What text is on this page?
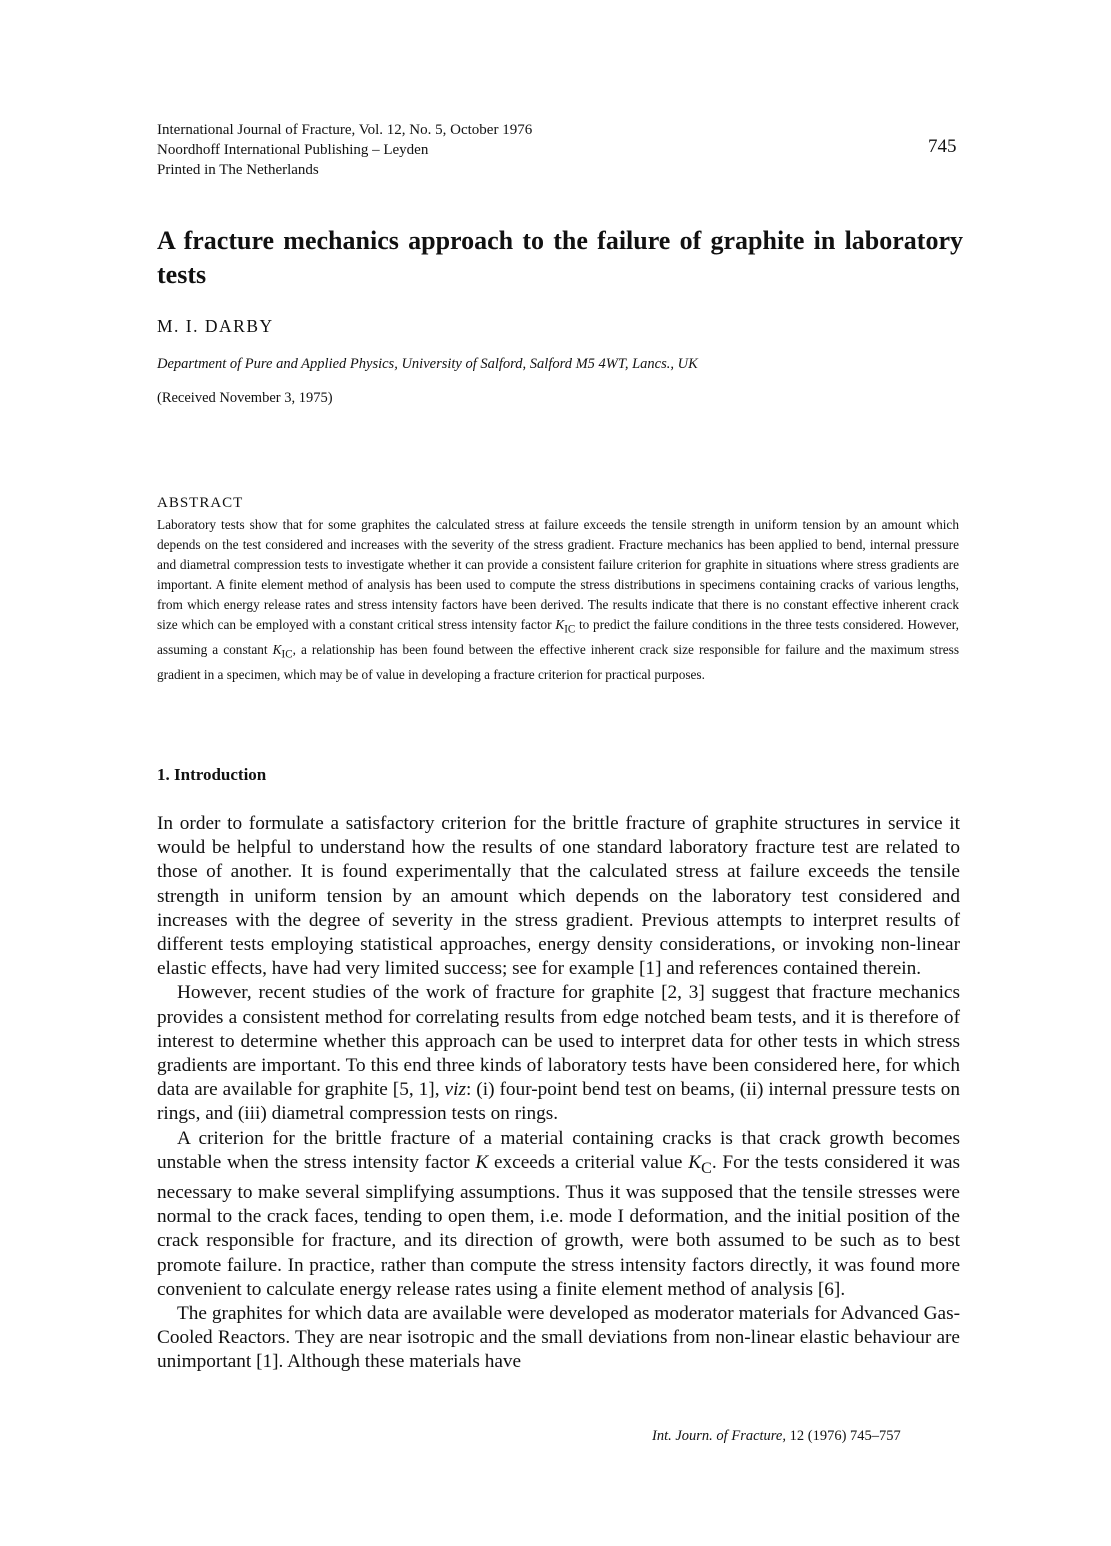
International Journal of Fracture, Vol. 12, No. 5, October 1976
Noordhoff International Publishing – Leyden
Printed in The Netherlands
745
A fracture mechanics approach to the failure of graphite in laboratory tests
M. I. DARBY
Department of Pure and Applied Physics, University of Salford, Salford M5 4WT, Lancs., UK
(Received November 3, 1975)
ABSTRACT

Laboratory tests show that for some graphites the calculated stress at failure exceeds the tensile strength in uniform tension by an amount which depends on the test considered and increases with the severity of the stress gradient. Fracture mechanics has been applied to bend, internal pressure and diametral compression tests to investigate whether it can provide a consistent failure criterion for graphite in situations where stress gradients are important. A finite element method of analysis has been used to compute the stress distributions in specimens containing cracks of various lengths, from which energy release rates and stress intensity factors have been derived. The results indicate that there is no constant effective inherent crack size which can be employed with a constant critical stress intensity factor $K_{IC}$ to predict the failure conditions in the three tests considered. However, assuming a constant $K_{IC}$, a relationship has been found between the effective inherent crack size responsible for failure and the maximum stress gradient in a specimen, which may be of value in developing a fracture criterion for practical purposes.

1. Introduction

In order to formulate a satisfactory criterion for the brittle fracture of graphite structures in service it would be helpful to understand how the results of one standard laboratory fracture test are related to those of another. It is found experimentally that the calculated stress at failure exceeds the tensile strength in uniform tension by an amount which depends on the laboratory test considered and increases with the degree of severity in the stress gradient. Previous attempts to interpret results of different tests employing statistical approaches, energy density considerations, or invoking non-linear elastic effects, have had very limited success; see for example [1] and references contained therein.

However, recent studies of the work of fracture for graphite [2, 3] suggest that fracture mechanics provides a consistent method for correlating results from edge notched beam tests, and it is therefore of interest to determine whether this approach can be used to interpret data for other tests in which stress gradients are important. To this end three kinds of laboratory tests have been considered here, for which data are available for graphite [5, 1], viz: (i) four-point bend test on beams, (ii) internal pressure tests on rings, and (iii) diametral compression tests on rings.

A criterion for the brittle fracture of a material containing cracks is that crack growth becomes unstable when the stress intensity factor K exceeds a criterial value $K_C$. For the tests considered it was necessary to make several simplifying assumptions. Thus it was supposed that the tensile stresses were normal to the crack faces, tending to open them, i.e. mode I deformation, and the initial position of the crack responsible for fracture, and its direction of growth, were both assumed to be such as to best promote failure. In practice, rather than compute the stress intensity factors directly, it was found more convenient to calculate energy release rates using a finite element method of analysis [6].

The graphites for which data are available were developed as moderator materials for Advanced Gas-Cooled Reactors. They are near isotropic and the small deviations from non-linear elastic behaviour are unimportant [1]. Although these materials have

Int. Journ. of Fracture, 12 (1976) 745–757
